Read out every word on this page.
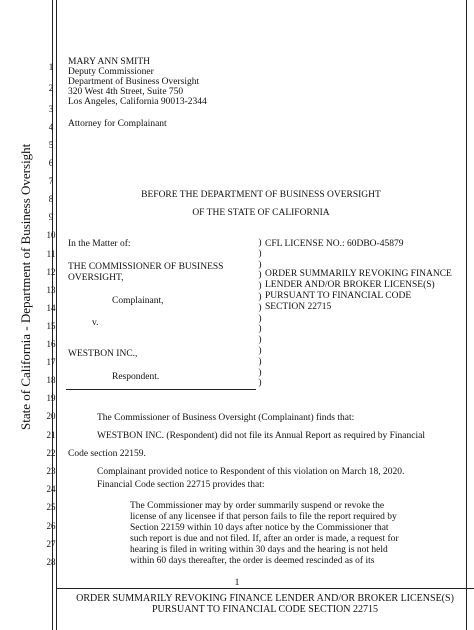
State of California - Department of Business Oversight
1
2
3
4
5
6
7
8
9
10
11
12
13
14
15
16
17
18
19
20
21
22
23
24
25
26
27
28
MARY ANN SMITH
Deputy Commissioner
Department of Business Oversight
320 West 4th Street, Suite 750
Los Angeles, California 90013-2344
Attorney for Complainant
BEFORE THE DEPARTMENT OF BUSINESS OVERSIGHT
OF THE STATE OF CALIFORNIA
In the Matter of:
THE COMMISSIONER OF BUSINESS
OVERSIGHT,
Complainant,
v.
WESTBON INC.,
Respondent.
)
)
)
)
)
)
)
)
)
)
)
)
)
)
CFL LICENSE NO.: 60DBO-45879
ORDER SUMMARILY REVOKING FINANCE
LENDER AND/OR BROKER LICENSE(S)
PURSUANT TO FINANCIAL CODE
SECTION 22715
The Commissioner of Business Oversight (Complainant) finds that:
WESTBON INC. (Respondent) did not file its Annual Report as required by Financial
Code section 22159.
Complainant provided notice to Respondent of this violation on March 18, 2020.
Financial Code section 22715 provides that:
The Commissioner may by order summarily suspend or revoke the license of any licensee if that person fails to file the report required by Section 22159 within 10 days after notice by the Commissioner that such report is due and not filed. If, after an order is made, a request for hearing is filed in writing within 30 days and the hearing is not held within 60 days thereafter, the order is deemed rescinded as of its
1
ORDER SUMMARILY REVOKING FINANCE LENDER AND/OR BROKER LICENSE(S)
PURSUANT TO FINANCIAL CODE SECTION 22715
